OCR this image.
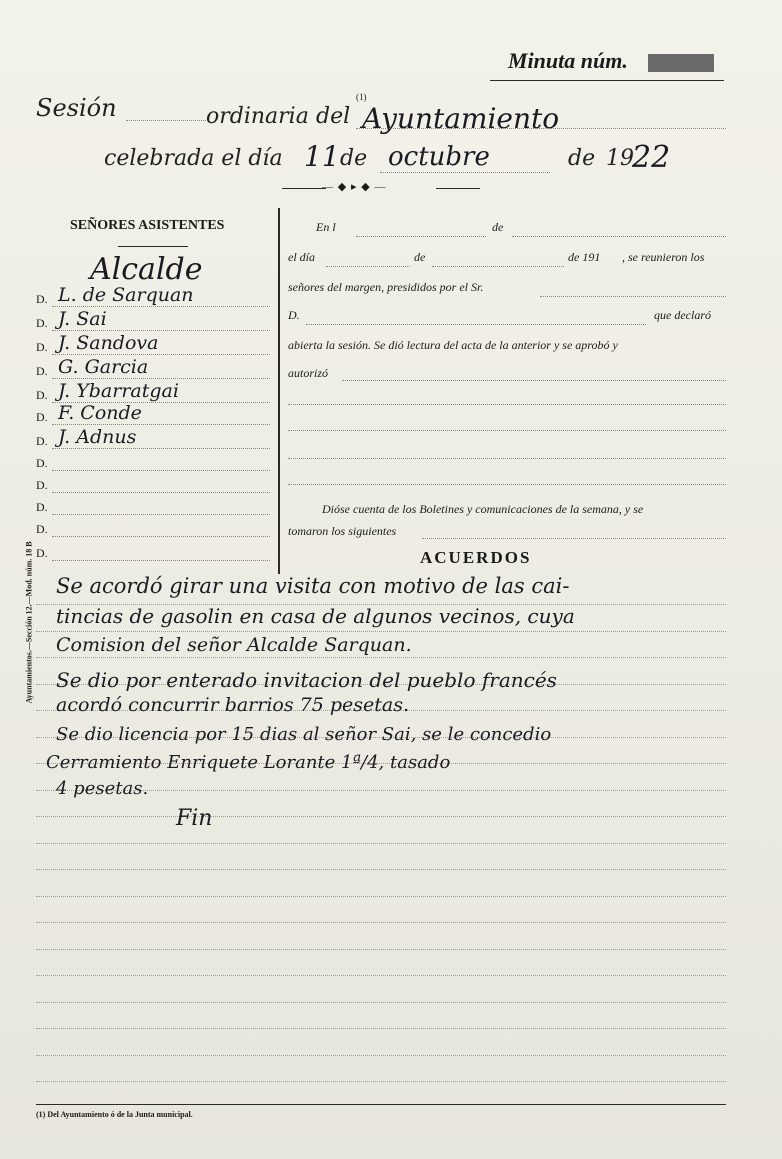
Minuta núm.
Sesión	ordinaria del
(1)
Ayuntamiento
celebrada el día 11 de octubre	de 19
22
— ◆ ▸ ◆ —
SEÑORES ASISTENTES
Alcalde
D. L. de Sarquan
D. J. Sai
D. J. Sandova
D. G. Garcia
D. J. Ybarratgai
D. F. Conde
D. J. Adnus
D.
D.
D.
D.
D.
Ayuntamientos.—Sección 12.—Mod. núm. 18 B
En l	de
el día	de	de 191 , se reunieron los
señores del margen, presididos por el Sr.
D.	que declaró
abierta la sesión. Se dió lectura del acta de la anterior y se aprobó y
autorizó
Dióse cuenta de los Boletines y comunicaciones de la semana, y se
tomaron los siguientes
ACUERDOS
Se acordó girar una visita con motivo de las cai-
tincias de gasolin en casa de algunos vecinos, cuya
Comision del señor Alcalde Sarquan.
Se dio por enterado invitacion del pueblo francés
acordó concurrir barrios 75 pesetas.
Se dio licencia por 15 dias al señor Sai, se le concedio
Cerramiento Enriquete Lorante 1ª/4, tasado
4 pesetas.
Fin
(1) Del Ayuntamiento ó de la Junta municipal.
